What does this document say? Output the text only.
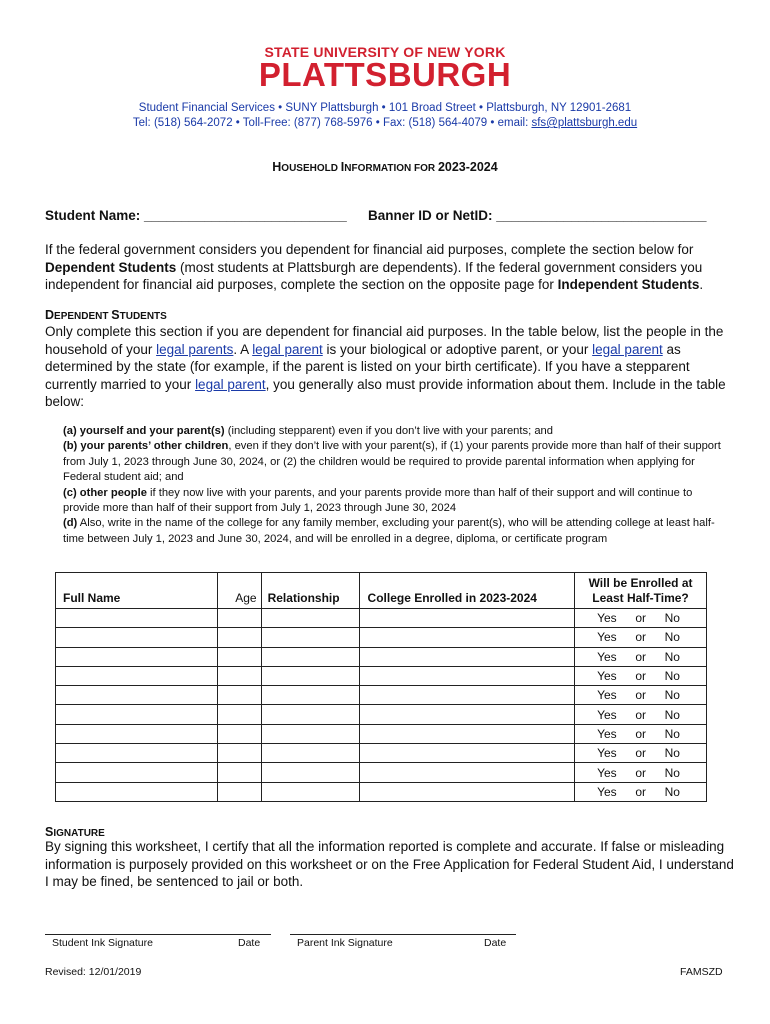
STATE UNIVERSITY OF NEW YORK
PLATTSBURGH
Student Financial Services • SUNY Plattsburgh • 101 Broad Street • Plattsburgh, NY 12901-2681
Tel: (518) 564-2072 • Toll-Free: (877) 768-5976 • Fax: (518) 564-4079 • email: sfs@plattsburgh.edu
HOUSEHOLD INFORMATION FOR 2023-2024
Student Name: ___________________________ Banner ID or NetID: ____________________________
If the federal government considers you dependent for financial aid purposes, complete the section below for Dependent Students (most students at Plattsburgh are dependents). If the federal government considers you independent for financial aid purposes, complete the section on the opposite page for Independent Students.
DEPENDENT STUDENTS
Only complete this section if you are dependent for financial aid purposes. In the table below, list the people in the household of your legal parents. A legal parent is your biological or adoptive parent, or your legal parent as determined by the state (for example, if the parent is listed on your birth certificate). If you have a stepparent currently married to your legal parent, you generally also must provide information about them. Include in the table below:
(a) yourself and your parent(s) (including stepparent) even if you don’t live with your parents; and
(b) your parents’ other children, even if they don’t live with your parent(s), if (1) your parents provide more than half of their support from July 1, 2023 through June 30, 2024, or (2) the children would be required to provide parental information when applying for Federal student aid; and
(c) other people if they now live with your parents, and your parents provide more than half of their support and will continue to provide more than half of their support from July 1, 2023 through June 30, 2024
(d) Also, write in the name of the college for any family member, excluding your parent(s), who will be attending college at least half-time between July 1, 2023 and June 30, 2024, and will be enrolled in a degree, diploma, or certificate program
Full Name	Age	Relationship	College Enrolled in 2023-2024	Will be Enrolled at
Least Half-Time?

				Yes or No

				Yes or No

				Yes or No

				Yes or No

				Yes or No

				Yes or No

				Yes or No

				Yes or No

				Yes or No

				Yes or No
SIGNATURE
By signing this worksheet, I certify that all the information reported is complete and accurate. If false or misleading information is purposely provided on this worksheet or on the Free Application for Federal Student Aid, I understand I may be fined, be sentenced to jail or both.
Student Ink Signature	Date	Parent Ink Signature	Date
Revised: 12/01/2019	FAMSZD
